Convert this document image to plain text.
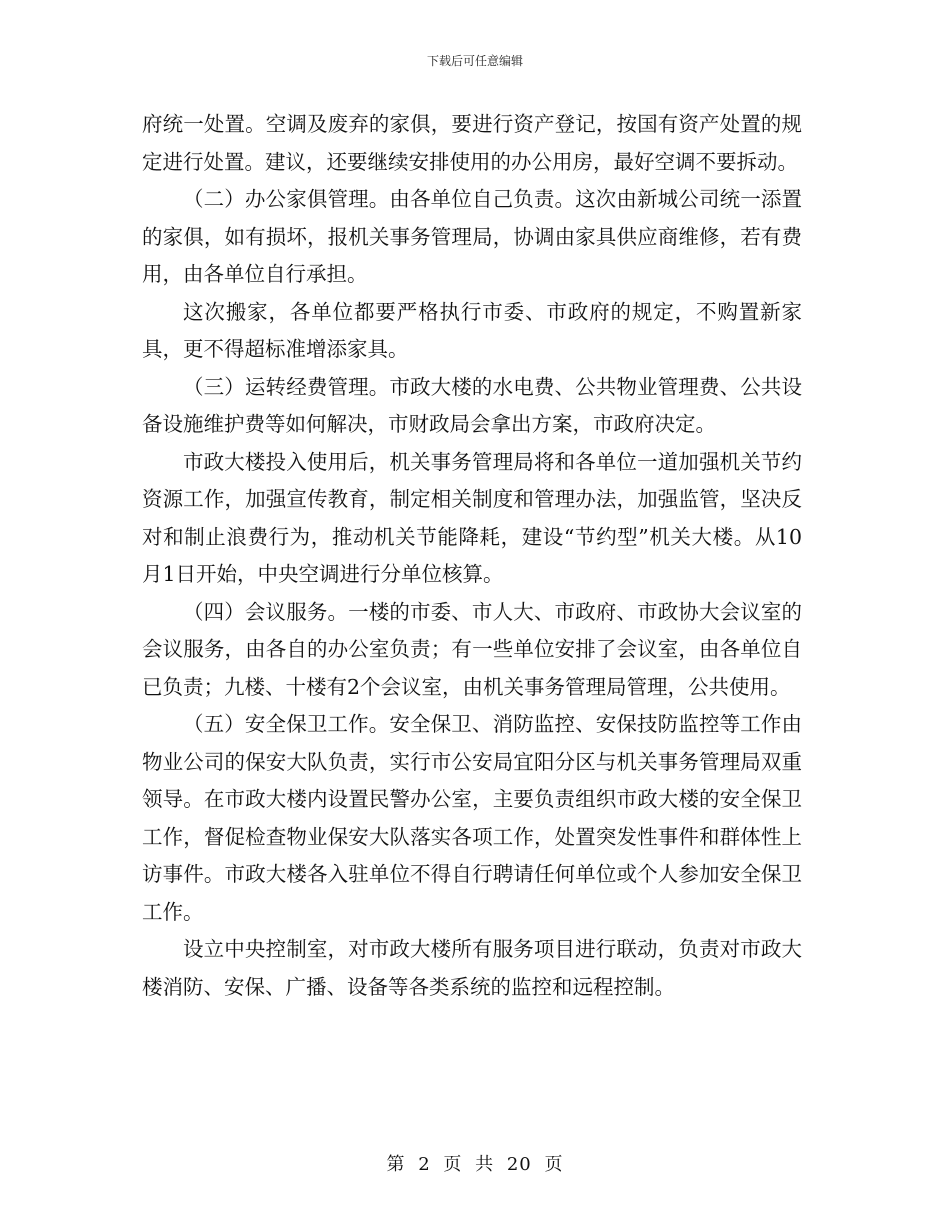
下载后可任意编辑

府统一处置。空调及废弃的家俱，要进行资产登记，按国有资产处置的规定进行处置。建议，还要继续安排使用的办公用房，最好空调不要拆动。

（二）办公家俱管理。由各单位自己负责。这次由新城公司统一添置的家俱，如有损坏，报机关事务管理局，协调由家具供应商维修，若有费用，由各单位自行承担。

这次搬家，各单位都要严格执行市委、市政府的规定，不购置新家具，更不得超标准增添家具。

（三）运转经费管理。市政大楼的水电费、公共物业管理费、公共设备设施维护费等如何解决，市财政局会拿出方案，市政府决定。

市政大楼投入使用后，机关事务管理局将和各单位一道加强机关节约资源工作，加强宣传教育，制定相关制度和管理办法，加强监管，坚决反对和制止浪费行为，推动机关节能降耗，建设“节约型”机关大楼。从10月1日开始，中央空调进行分单位核算。

（四）会议服务。一楼的市委、市人大、市政府、市政协大会议室的会议服务，由各自的办公室负责；有一些单位安排了会议室，由各单位自已负责；九楼、十楼有2个会议室，由机关事务管理局管理，公共使用。

（五）安全保卫工作。安全保卫、消防监控、安保技防监控等工作由物业公司的保安大队负责，实行市公安局宜阳分区与机关事务管理局双重领导。在市政大楼内设置民警办公室，主要负责组织市政大楼的安全保卫工作，督促检查物业保安大队落实各项工作，处置突发性事件和群体性上访事件。市政大楼各入驻单位不得自行聘请任何单位或个人参加安全保卫工作。

设立中央控制室，对市政大楼所有服务项目进行联动，负责对市政大楼消防、安保、广播、设备等各类系统的监控和远程控制。

第 2 页 共 20 页
